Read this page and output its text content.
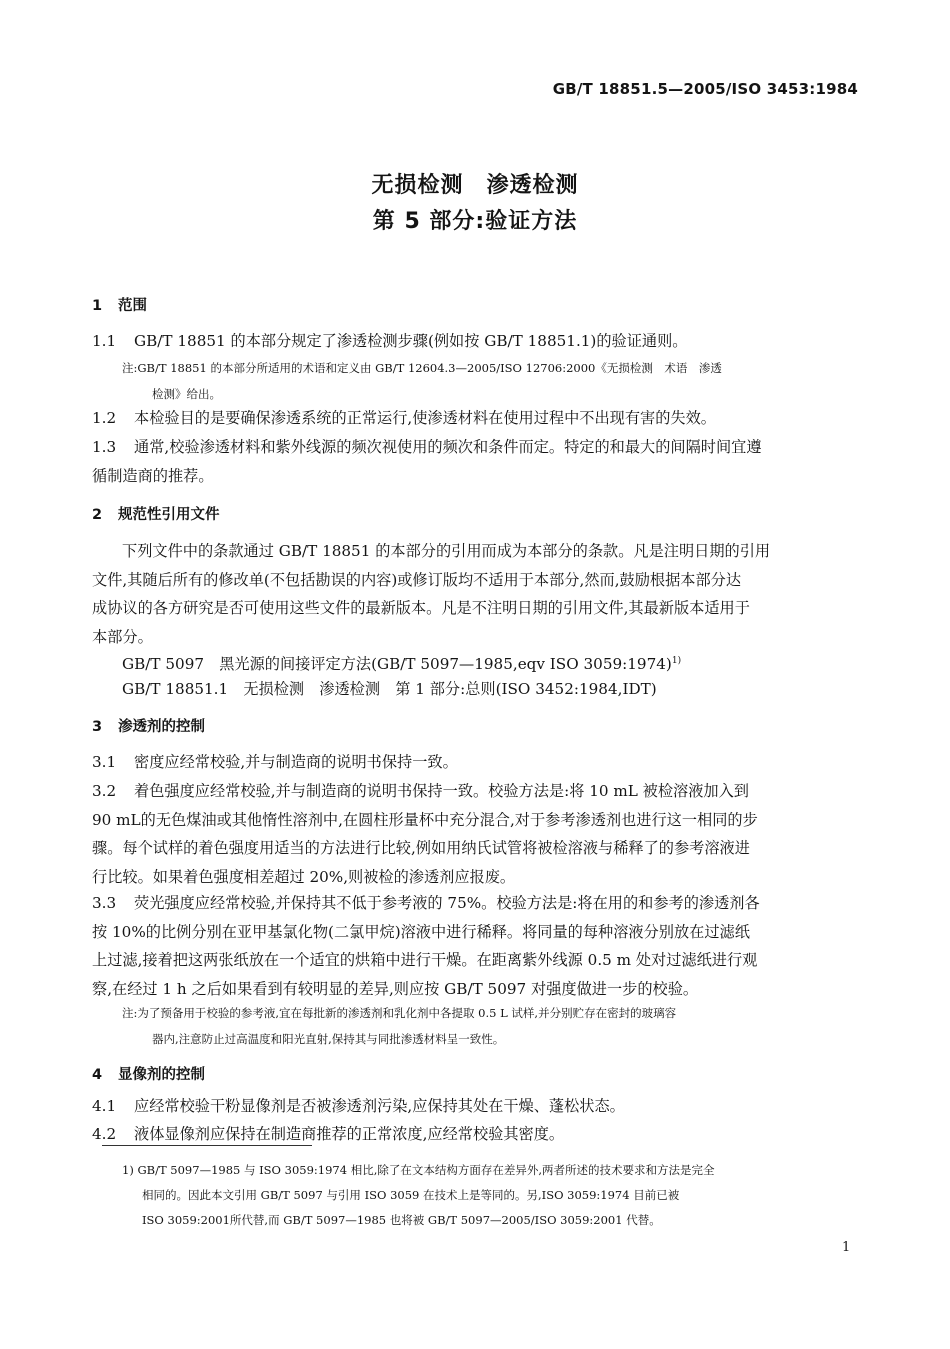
GB/T 18851.5—2005/ISO 3453:1984
无损检测　渗透检测
第 5 部分:验证方法
1 范围
1.1 GB/T 18851 的本部分规定了渗透检测步骤(例如按 GB/T 18851.1)的验证通则。
注:GB/T 18851 的本部分所适用的术语和定义由 GB/T 12604.3—2005/ISO 12706:2000《无损检测　术语　渗透
检测》给出。
1.2 本检验目的是要确保渗透系统的正常运行,使渗透材料在使用过程中不出现有害的失效。
1.3 通常,校验渗透材料和紫外线源的频次视使用的频次和条件而定。特定的和最大的间隔时间宜遵
循制造商的推荐。
2 规范性引用文件
下列文件中的条款通过 GB/T 18851 的本部分的引用而成为本部分的条款。凡是注明日期的引用
文件,其随后所有的修改单(不包括勘误的内容)或修订版均不适用于本部分,然而,鼓励根据本部分达
成协议的各方研究是否可使用这些文件的最新版本。凡是不注明日期的引用文件,其最新版本适用于
本部分。
GB/T 5097　黑光源的间接评定方法(GB/T 5097—1985,eqv ISO 3059:1974)$^{1)}$
GB/T 18851.1　无损检测　渗透检测　第 1 部分:总则(ISO 3452:1984,IDT)
3 渗透剂的控制
3.1 密度应经常校验,并与制造商的说明书保持一致。
3.2 着色强度应经常校验,并与制造商的说明书保持一致。校验方法是:将 10 mL 被检溶液加入到
90 mL的无色煤油或其他惰性溶剂中,在圆柱形量杯中充分混合,对于参考渗透剂也进行这一相同的步
骤。每个试样的着色强度用适当的方法进行比较,例如用纳氏试管将被检溶液与稀释了的参考溶液进
行比较。如果着色强度相差超过 20%,则被检的渗透剂应报废。
3.3 荧光强度应经常校验,并保持其不低于参考液的 75%。校验方法是:将在用的和参考的渗透剂各
按 10%的比例分别在亚甲基氯化物(二氯甲烷)溶液中进行稀释。将同量的每种溶液分别放在过滤纸
上过滤,接着把这两张纸放在一个适宜的烘箱中进行干燥。在距离紫外线源 0.5 m 处对过滤纸进行观
察,在经过 1 h 之后如果看到有较明显的差异,则应按 GB/T 5097 对强度做进一步的校验。
注:为了预备用于校验的参考液,宜在每批新的渗透剂和乳化剂中各提取 0.5 L 试样,并分别贮存在密封的玻璃容
器内,注意防止过高温度和阳光直射,保持其与同批渗透材料呈一致性。
4 显像剂的控制
4.1 应经常校验干粉显像剂是否被渗透剂污染,应保持其处在干燥、蓬松状态。
4.2 液体显像剂应保持在制造商推荐的正常浓度,应经常校验其密度。
1) GB/T 5097—1985 与 ISO 3059:1974 相比,除了在文本结构方面存在差异外,两者所述的技术要求和方法是完全
相同的。因此本文引用 GB/T 5097 与引用 ISO 3059 在技术上是等同的。另,ISO 3059:1974 目前已被
ISO 3059:2001所代替,而 GB/T 5097—1985 也将被 GB/T 5097—2005/ISO 3059:2001 代替。
1
